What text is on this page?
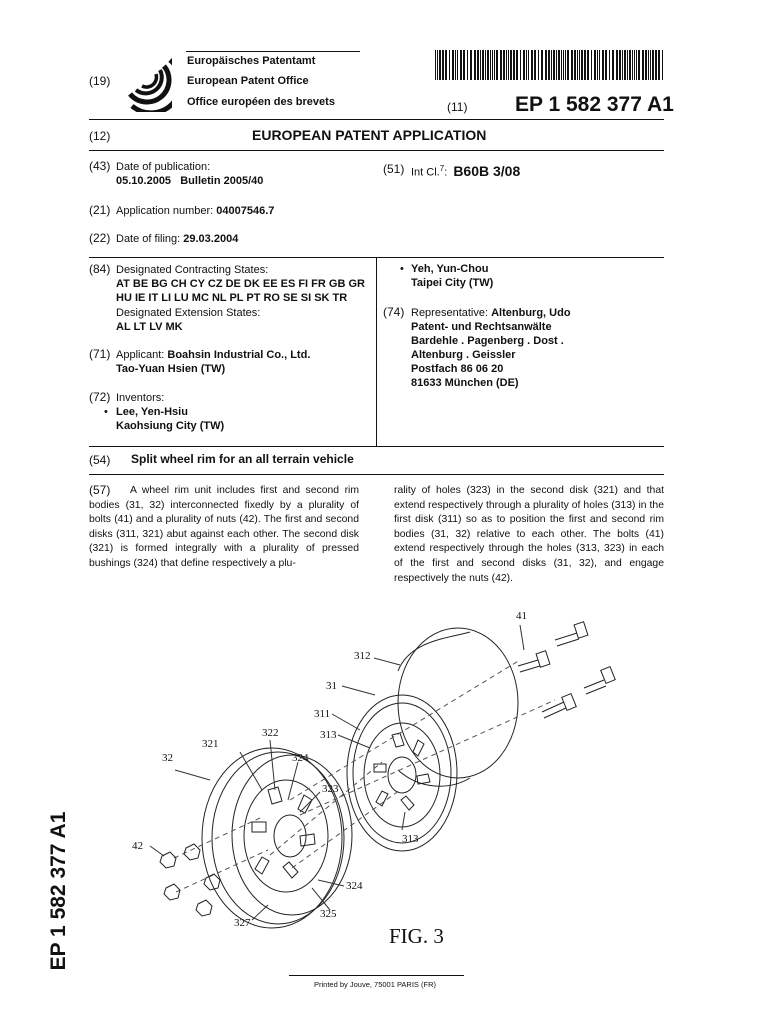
(19)
Europäisches Patentamt
European Patent Office
Office européen des brevets	(11) EP 1 582 377 A1
(12)	EUROPEAN PATENT APPLICATION
(43) Date of publication:
05.10.2005   Bulletin 2005/40
(51) Int Cl.$^7$: B60B 3/08
(21) Application number: 04007546.7
(22) Date of filing: 29.03.2004
(84) Designated Contracting States:
AT BE BG CH CY CZ DE DK EE ES FI FR GB GR
HU IE IT LI LU MC NL PL PT RO SE SI SK TR
Designated Extension States:
AL LT LV MK
(71) Applicant: Boahsin Industrial Co., Ltd.
Tao-Yuan Hsien (TW)
(72) Inventors:
• Lee, Yen-Hsiu
Kaohsiung City (TW)
• Yeh, Yun-Chou
Taipei City (TW)
(74) Representative: Altenburg, Udo
Patent- und Rechtsanwälte
Bardehle . Pagenberg . Dost .
Altenburg . Geissler
Postfach 86 06 20
81633 München (DE)
(54) Split wheel rim for an all terrain vehicle
(57)	A wheel rim unit includes first and second rim bodies (31, 32) interconnected fixedly by a plurality of bolts (41) and a plurality of nuts (42). The first and second disks (311, 321) abut against each other. The second disk (321) is formed integrally with a plurality of pressed bushings (324) that define respectively a plu-
rality of holes (323) in the second disk (321) and that extend respectively through a plurality of holes (313) in the first disk (311) so as to position the first and second rim bodies (31, 32) relative to each other. The bolts (41) extend respectively through the holes (313, 323) in each of the first and second disks (31, 32), and engage respectively the nuts (42).
41
312
31
311
313
322
321
32	324
323
313
42
324
325
327
FIG. 3
EP 1 582 377 A1
Printed by Jouve, 75001 PARIS (FR)
